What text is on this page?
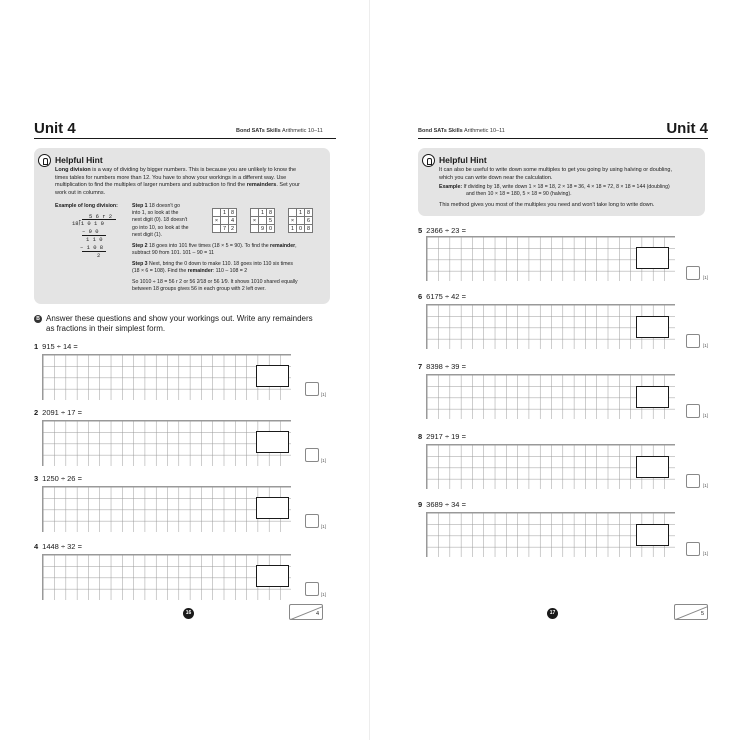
Unit 4	Bond SATs Skills Arithmetic 10–11
Helpful Hint
Long division is a way of dividing by bigger numbers. This is because you are unlikely to know the
times tables for numbers more than 12. You have to show your workings in a different way. Use
multiplication to find the multiples of larger numbers and subtraction to find the remainders. Set your
work out in columns.
Example of long division:
5 6 r 2
18⟌1 0 1 0
– 9 0
1 1 0
– 1 0 8
2
Step 1 18 doesn't go
into 1, so look at the
next digit (0). 18 doesn't
go into 10, so look at the
next digit (1).
1 8
×	4
7 2
1 8
×	5
9 0
1 8
×	6
1 0 8
Step 2 18 goes into 101 five times (18 × 5 = 90). To find the remainder,
subtract 90 from 101. 101 – 90 = 11
Step 3 Next, bring the 0 down to make 110. 18 goes into 110 six times
(18 × 6 = 108). Find the remainder: 110 – 108 = 2
So 1010 ÷ 18 = 56 r 2 or 56 2⁄18 or 56 1⁄9. It shows 1010 shared equally
between 18 groups gives 56 in each group with 2 left over.
B Answer these questions and show your workings out. Write any remainders
as fractions in their simplest form.
1 915 ÷ 14 =
[1]
2 2091 ÷ 17 =
[1]
3 1250 ÷ 26 =
[1]
4 1448 ÷ 32 =
[1]
16	4
Bond SATs Skills Arithmetic 10–11	Unit 4
Helpful Hint
It can also be useful to write down some multiples to get you going by using halving or doubling,
which you can write down near the calculation.
Example: If dividing by 18, write down 1 × 18 = 18, 2 × 18 = 36, 4 × 18 = 72, 8 × 18 = 144 (doubling)
and then 10 × 18 = 180, 5 × 18 = 90 (halving).
This method gives you most of the multiples you need and won't take long to write down.
5 2366 ÷ 23 =
[1]
6 6175 ÷ 42 =
[1]
7 8398 ÷ 39 =
[1]
8 2917 ÷ 19 =
[1]
9 3689 ÷ 34 =
[1]
17	5
